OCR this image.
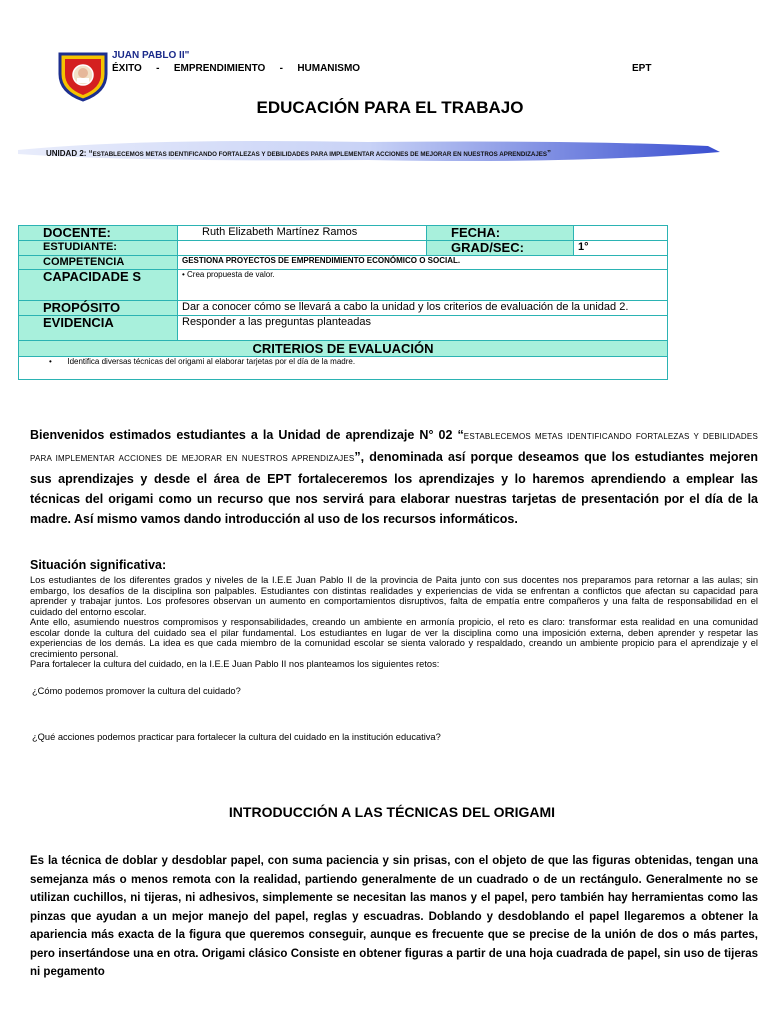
JUAN PABLO II"
ÉXITO   -   EMPRENDIMIENTO   -   HUMANISMO	EPT
EDUCACIÓN PARA EL TRABAJO
UNIDAD 2: “ESTABLECEMOS METAS IDENTIFICANDO FORTALEZAS Y DEBILIDADES PARA IMPLEMENTAR ACCIONES DE MEJORAR EN NUESTROS APRENDIZAJES”
DOCENTE:	Ruth Elizabeth Martínez Ramos	FECHA:	
ESTUDIANTE:		GRAD/SEC:	1°
COMPETENCIA	GESTIONA PROYECTOS DE EMPRENDIMIENTO ECONÓMICO O SOCIAL.		
CAPACIDADE S	• Crea propuesta de valor.		
PROPÓSITO	Dar a conocer cómo se llevará a cabo la unidad y los criterios de evaluación de la unidad 2.		
EVIDENCIA	Responder a las preguntas planteadas		
CRITERIOS DE EVALUACIÓN			
•       Identifica diversas técnicas del origami al elaborar tarjetas por el día de la madre.			
Bienvenidos estimados estudiantes a la Unidad de aprendizaje N° 02 “ESTABLECEMOS METAS IDENTIFICANDO FORTALEZAS Y DEBILIDADES PARA IMPLEMENTAR ACCIONES DE MEJORAR EN NUESTROS APRENDIZAJES”, denominada así porque deseamos que los estudiantes mejoren sus aprendizajes y desde el área de EPT fortaleceremos los aprendizajes y lo haremos aprendiendo a emplear las técnicas del origami como un recurso que nos servirá para elaborar nuestras tarjetas de presentación por el día de la madre. Así mismo vamos dando introducción al uso de los recursos informáticos.
Situación significativa:
Los estudiantes de los diferentes grados y niveles de la I.E.E Juan Pablo II de la provincia de Paita junto con sus docentes nos preparamos para retornar a las aulas; sin embargo, los desafíos de la disciplina son palpables. Estudiantes con distintas realidades y experiencias de vida se enfrentan a conflictos que afectan su capacidad para aprender y trabajar juntos. Los profesores observan un aumento en comportamientos disruptivos, falta de empatía entre compañeros y una falta de responsabilidad en el cuidado del entorno escolar.
Ante ello, asumiendo nuestros compromisos y responsabilidades, creando un ambiente en armonía propicio, el reto es claro: transformar esta realidad en una comunidad escolar donde la cultura del cuidado sea el pilar fundamental. Los estudiantes en lugar de ver la disciplina como una imposición externa, deben aprender y respetar las experiencias de los demás. La idea es que cada miembro de la comunidad escolar se sienta valorado y respaldado, creando un ambiente propicio para el aprendizaje y el crecimiento personal.
Para fortalecer la cultura del cuidado, en la I.E.E Juan Pablo II nos planteamos los siguientes retos:
¿Cómo podemos promover la cultura del cuidado?
¿Qué acciones podemos practicar para fortalecer la cultura del cuidado en la institución educativa?
INTRODUCCIÓN A LAS TÉCNICAS DEL ORIGAMI
Es la técnica de doblar y desdoblar papel, con suma paciencia y sin prisas, con el objeto de que las figuras obtenidas, tengan una semejanza más o menos remota con la realidad, partiendo generalmente de un cuadrado o de un rectángulo. Generalmente no se utilizan cuchillos, ni tijeras, ni adhesivos, simplemente se necesitan las manos y el papel, pero también hay herramientas como las pinzas que ayudan a un mejor manejo del papel, reglas y escuadras. Doblando y desdoblando el papel llegaremos a obtener la apariencia más exacta de la figura que queremos conseguir, aunque es frecuente que se precise de la unión de dos o más partes, pero insertándose una en otra. Origami clásico Consiste en obtener figuras a partir de una hoja cuadrada de papel, sin uso de tijeras ni pegamento
